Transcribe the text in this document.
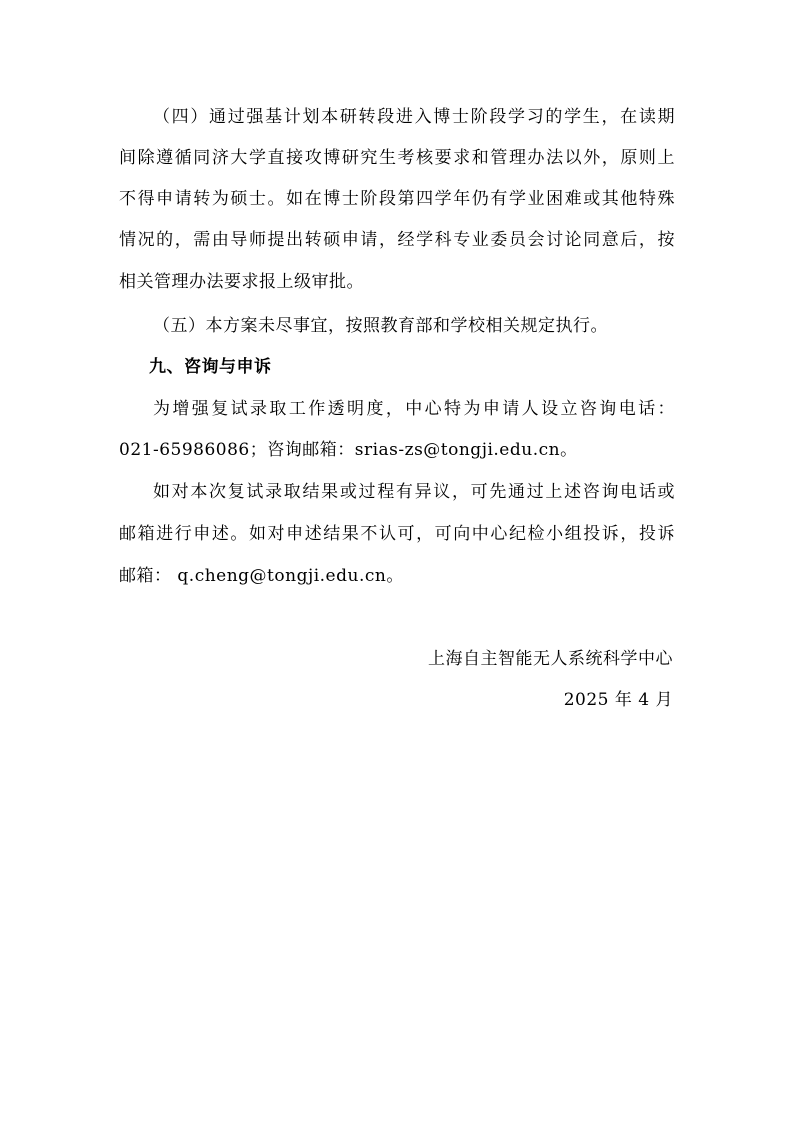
（四）通过强基计划本研转段进入博士阶段学习的学生，在读期
间除遵循同济大学直接攻博研究生考核要求和管理办法以外，原则上
不得申请转为硕士。如在博士阶段第四学年仍有学业困难或其他特殊
情况的，需由导师提出转硕申请，经学科专业委员会讨论同意后，按
相关管理办法要求报上级审批。
（五）本方案未尽事宜，按照教育部和学校相关规定执行。
九、咨询与申诉
为增强复试录取工作透明度，中心特为申请人设立咨询电话：
021-65986086；咨询邮箱：srias-zs@tongji.edu.cn。
如对本次复试录取结果或过程有异议，可先通过上述咨询电话或
邮箱进行申述。如对申述结果不认可，可向中心纪检小组投诉，投诉
邮箱： q.cheng@tongji.edu.cn。
上海自主智能无人系统科学中心
2025 年 4 月
